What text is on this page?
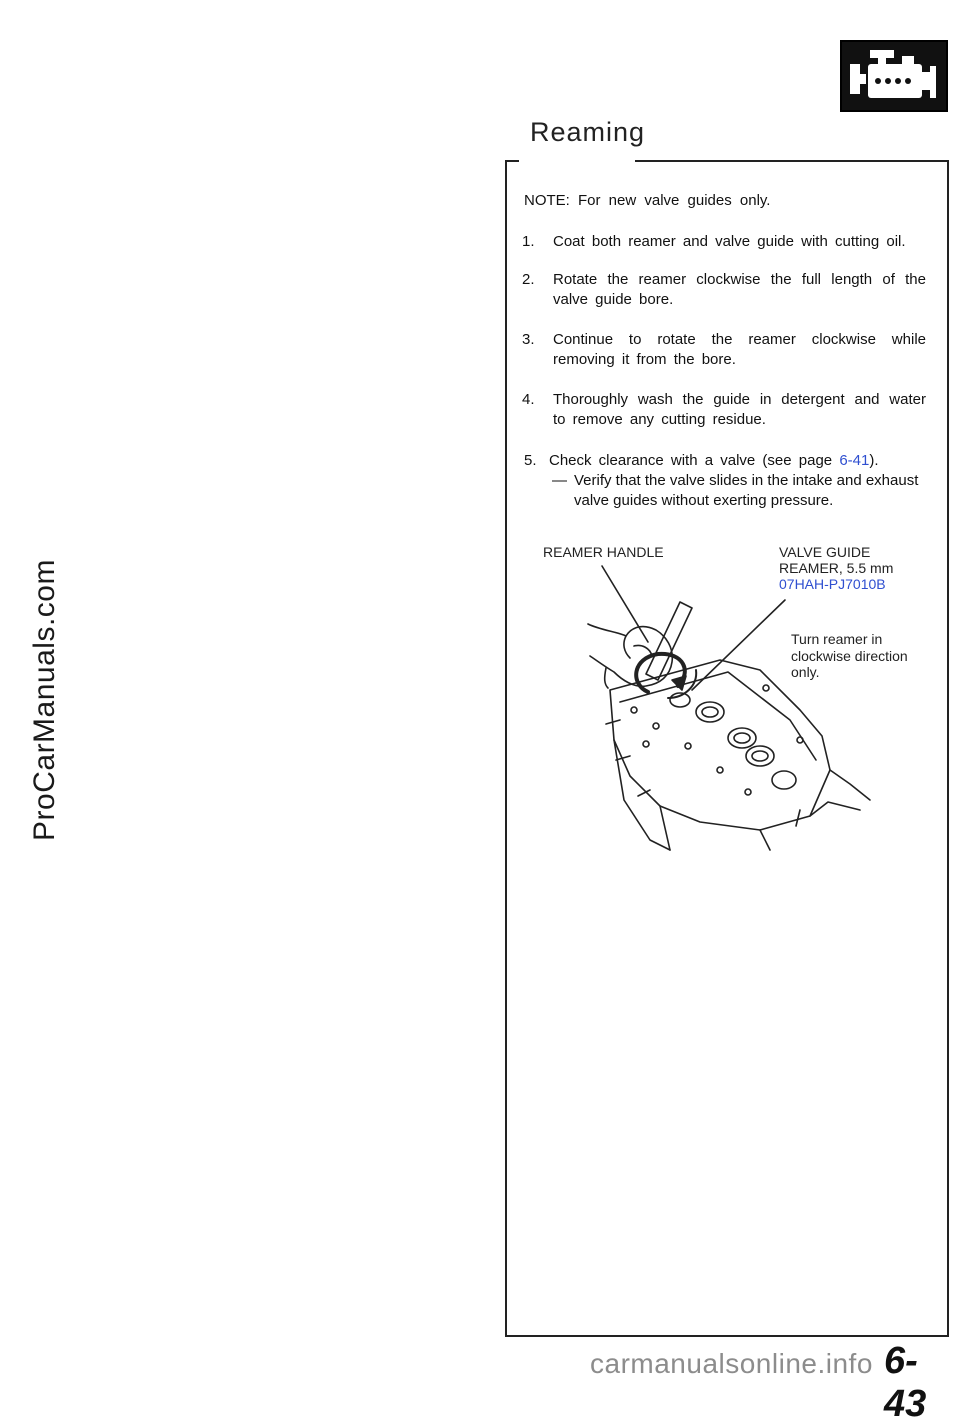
ProCarManuals.com
Reaming
NOTE: For new valve guides only.
1.	Coat both reamer and valve guide with cutting oil.
2.	Rotate the reamer clockwise the full length of the valve guide bore.
3.	Continue to rotate the reamer clockwise while removing it from the bore.
4.	Thoroughly wash the guide in detergent and water to remove any cutting residue.
5. Check clearance with a valve (see page 6-41).
— Verify that the valve slides in the intake and exhaust valve guides without exerting pressure.
REAMER HANDLE	VALVE GUIDE
REAMER, 5.5 mm
07HAH-PJ7010B
Turn reamer in
clockwise direction
only.
carmanualsonline.info 6-43
